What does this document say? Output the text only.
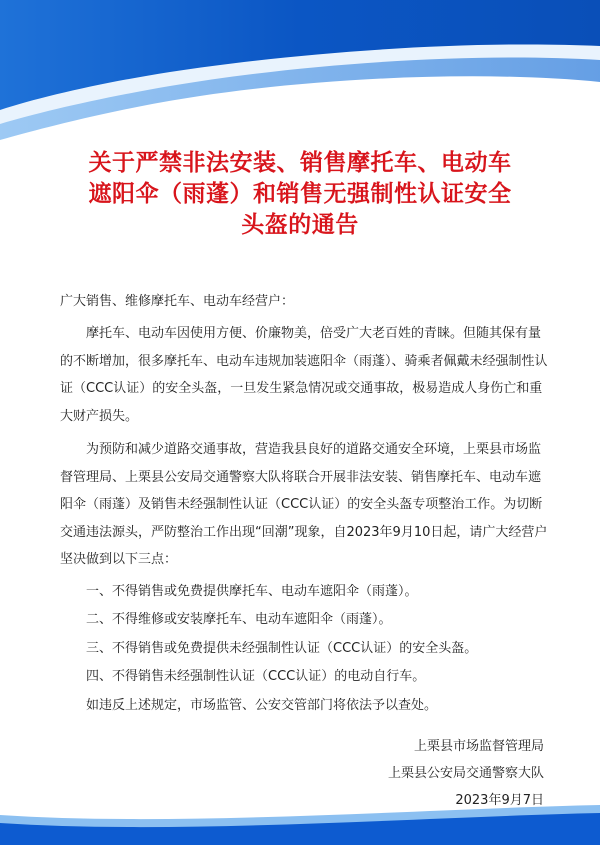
关于严禁非法安装、销售摩托车、电动车
遮阳伞（雨蓬）和销售无强制性认证安全
头盔的通告

广大销售、维修摩托车、电动车经营户：

摩托车、电动车因使用方便、价廉物美，倍受广大老百姓的青睐。但随其保有量的不断增加，很多摩托车、电动车违规加装遮阳伞（雨蓬）、骑乘者佩戴未经强制性认证（CCC认证）的安全头盔，一旦发生紧急情况或交通事故，极易造成人身伤亡和重大财产损失。

为预防和减少道路交通事故，营造我县良好的道路交通安全环境，上栗县市场监督管理局、上栗县公安局交通警察大队将联合开展非法安装、销售摩托车、电动车遮阳伞（雨蓬）及销售未经强制性认证（CCC认证）的安全头盔专项整治工作。为切断交通违法源头，严防整治工作出现“回潮”现象，自2023年9月10日起，请广大经营户坚决做到以下三点：

一、不得销售或免费提供摩托车、电动车遮阳伞（雨蓬）。

二、不得维修或安装摩托车、电动车遮阳伞（雨蓬）。

三、不得销售或免费提供未经强制性认证（CCC认证）的安全头盔。

四、不得销售未经强制性认证（CCC认证）的电动自行车。

如违反上述规定，市场监管、公安交管部门将依法予以查处。

上栗县市场监督管理局
上栗县公安局交通警察大队
2023年9月7日
